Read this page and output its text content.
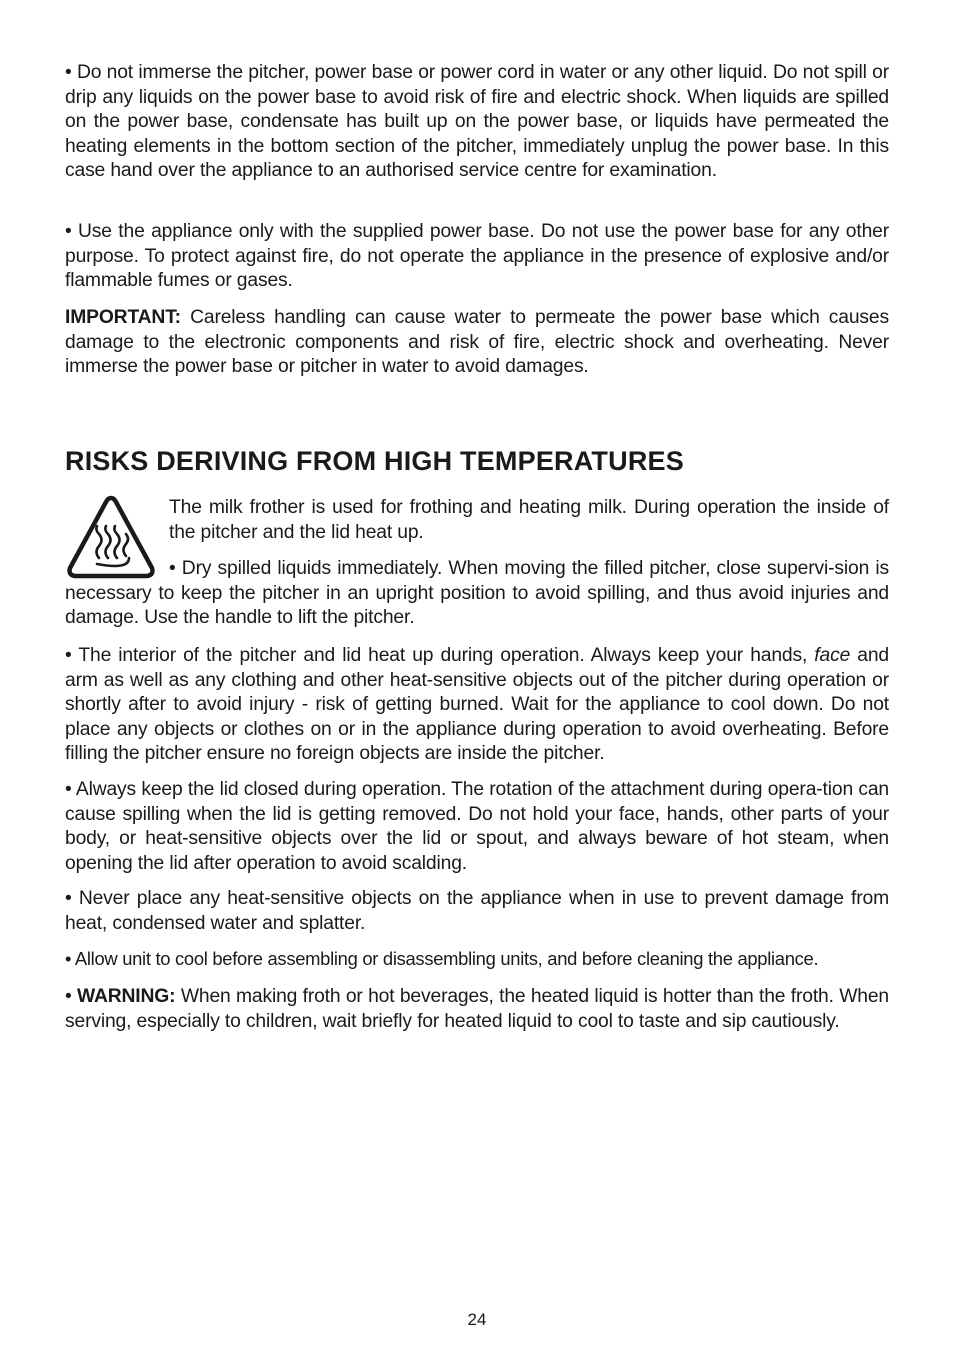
• Do not immerse the pitcher, power base or power cord in water or any other liquid. Do not spill or drip any liquids on the power base to avoid risk of fire and electric shock. When liquids are spilled on the power base, condensate has built up on the power base, or liquids have permeated the heating elements in the bottom section of the pitcher, immediately unplug the power base. In this case hand over the appliance to an authorised service centre for examination.

• Use the appliance only with the supplied power base. Do not use the power base for any other purpose. To protect against fire, do not operate the appliance in the presence of explosive and/or flammable fumes or gases.

IMPORTANT: Careless handling can cause water to permeate the power base which causes damage to the electronic components and risk of fire, electric shock and overheating. Never immerse the power base or pitcher in water to avoid damages.

RISKS DERIVING FROM HIGH TEMPERATURES

The milk frother is used for frothing and heating milk. During operation the inside of the pitcher and the lid heat up.

• Dry spilled liquids immediately. When moving the filled pitcher, close supervi-sion is necessary to keep the pitcher in an upright position to avoid spilling, and thus avoid injuries and damage. Use the handle to lift the pitcher.

• The interior of the pitcher and lid heat up during operation. Always keep your hands, face and arm as well as any clothing and other heat-sensitive objects out of the pitcher during operation or shortly after to avoid injury - risk of getting burned. Wait for the appliance to cool down. Do not place any objects or clothes on or in the appliance during operation to avoid overheating. Before filling the pitcher ensure no foreign objects are inside the pitcher.

• Always keep the lid closed during operation. The rotation of the attachment during opera-tion can cause spilling when the lid is getting removed. Do not hold your face, hands, other parts of your body, or heat-sensitive objects over the lid or spout, and always beware of hot steam, when opening the lid after operation to avoid scalding.

• Never place any heat-sensitive objects on the appliance when in use to prevent damage from heat, condensed water and splatter.

• Allow unit to cool before assembling or disassembling units, and before cleaning the appliance.

• WARNING: When making froth or hot beverages, the heated liquid is hotter than the froth. When serving, especially to children, wait briefly for heated liquid to cool to taste and sip cautiously.

24
